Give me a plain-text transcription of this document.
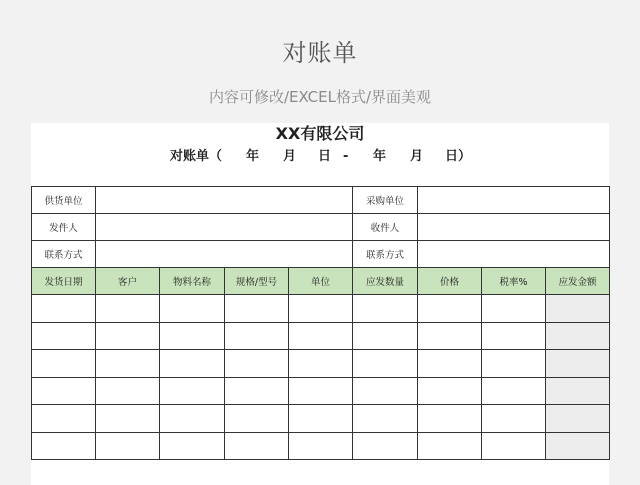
对账单
内容可修改/EXCEL格式/界面美观
XX有限公司
对账单（ 年 月 日 - 年 月 日）
供货单位					采购单位			
发件人					收件人			
联系方式					联系方式			
发货日期	客户	物料名称	规格/型号	单位	应发数量	价格	税率%	应发金额
